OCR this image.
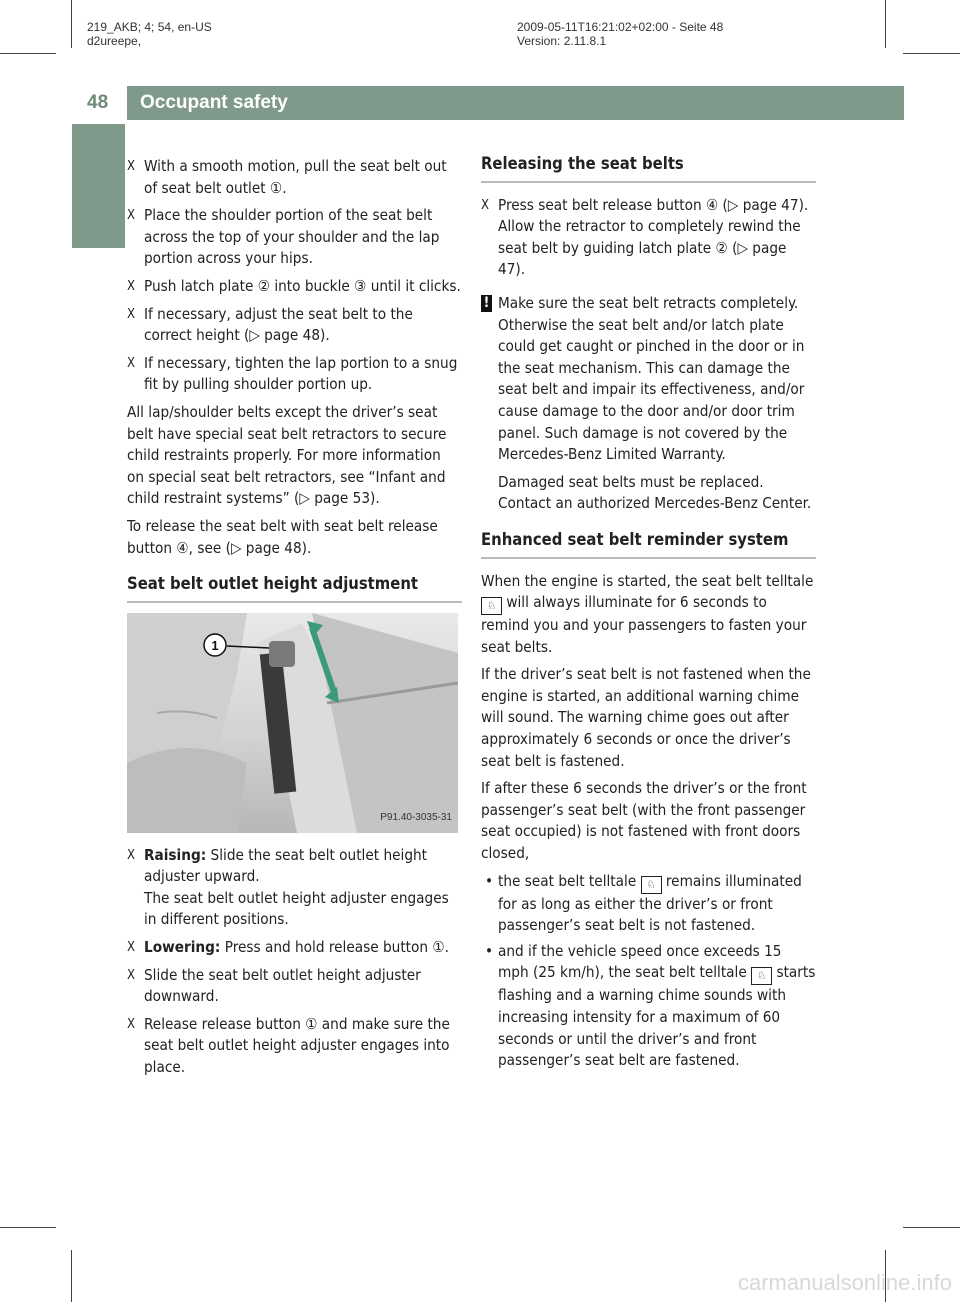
219_AKB; 4; 54, en-US
d2ureepe,
2009-05-11T16:21:02+02:00 - Seite 48
Version: 2.11.8.1
48 Occupant safety
X With a smooth motion, pull the seat belt out of seat belt outlet ①.
X Place the shoulder portion of the seat belt across the top of your shoulder and the lap portion across your hips.
X Push latch plate ② into buckle ③ until it clicks.
X If necessary, adjust the seat belt to the correct height (▷ page 48).
X If necessary, tighten the lap portion to a snug fit by pulling shoulder portion up.

All lap/shoulder belts except the driver’s seat belt have special seat belt retractors to secure child restraints properly. For more information on special seat belt retractors, see “Infant and child restraint systems” (▷ page 53).

To release the seat belt with seat belt release button ④, see (▷ page 48).

Seat belt outlet height adjustment
1
P91.40-3035-31
X Raising: Slide the seat belt outlet height adjuster upward.
The seat belt outlet height adjuster engages in different positions.
X Lowering: Press and hold release button ①.
X Slide the seat belt outlet height adjuster downward.
X Release release button ① and make sure the seat belt outlet height adjuster engages into place.
Releasing the seat belts
X Press seat belt release button ④ (▷ page 47).
Allow the retractor to completely rewind the seat belt by guiding latch plate ② (▷ page 47).
! Make sure the seat belt retracts completely. Otherwise the seat belt and/or latch plate could get caught or pinched in the door or in the seat mechanism. This can damage the seat belt and impair its effectiveness, and/or cause damage to the door and/or door trim panel. Such damage is not covered by the Mercedes-Benz Limited Warranty.
Damaged seat belts must be replaced. Contact an authorized Mercedes-Benz Center.
Enhanced seat belt reminder system

When the engine is started, the seat belt telltale ♘ will always illuminate for 6 seconds to remind you and your passengers to fasten your seat belts.

If the driver’s seat belt is not fastened when the engine is started, an additional warning chime will sound. The warning chime goes out after approximately 6 seconds or once the driver’s seat belt is fastened.

If after these 6 seconds the driver’s or the front passenger’s seat belt (with the front passenger seat occupied) is not fastened with front doors closed,

• the seat belt telltale ♘ remains illuminated for as long as either the driver’s or front passenger’s seat belt is not fastened.
• and if the vehicle speed once exceeds 15 mph (25 km/h), the seat belt telltale ♘ starts flashing and a warning chime sounds with increasing intensity for a maximum of 60 seconds or until the driver’s and front passenger’s seat belt are fastened.
carmanualsonline.info
